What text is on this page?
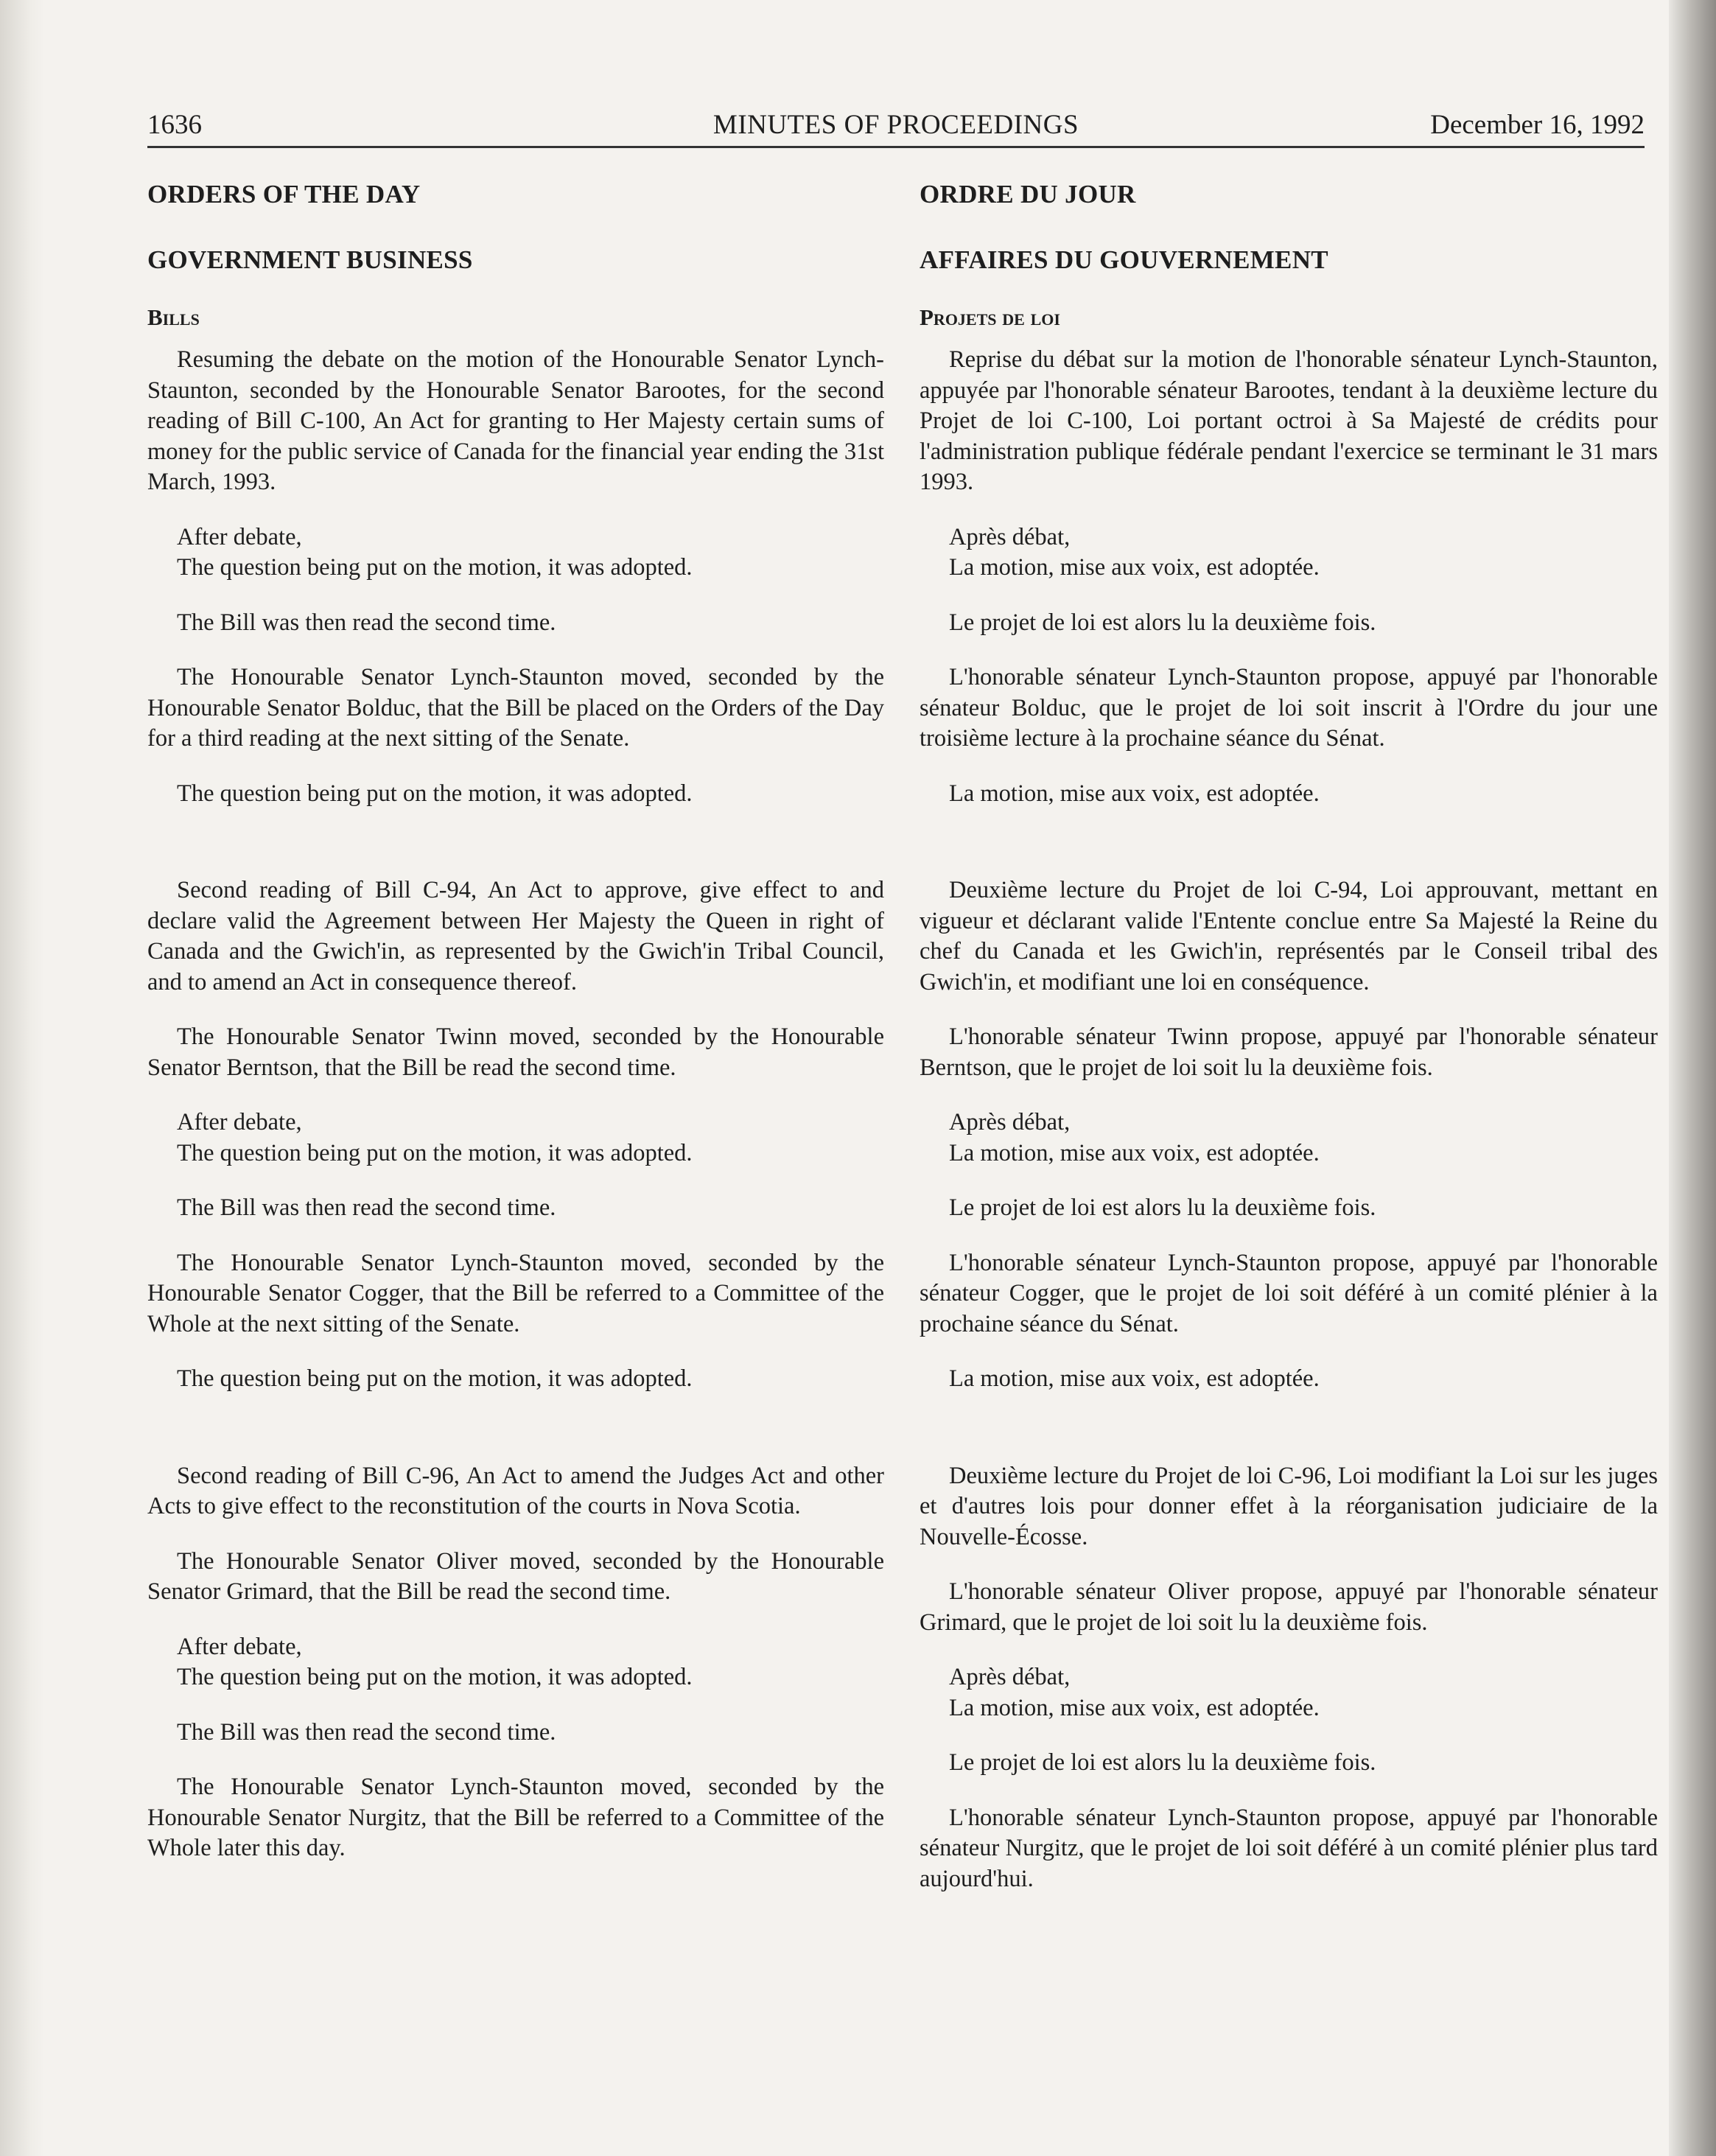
MINUTES OF PROCEEDINGS
1636	December 16, 1992
ORDERS OF THE DAY
GOVERNMENT BUSINESS
Bills

Resuming the debate on the motion of the Honourable Senator Lynch-Staunton, seconded by the Honourable Senator Barootes, for the second reading of Bill C-100, An Act for granting to Her Majesty certain sums of money for the public service of Canada for the financial year ending the 31st March, 1993.

After debate,

The question being put on the motion, it was adopted.

The Bill was then read the second time.

The Honourable Senator Lynch-Staunton moved, seconded by the Honourable Senator Bolduc, that the Bill be placed on the Orders of the Day for a third reading at the next sitting of the Senate.

The question being put on the motion, it was adopted.

Second reading of Bill C-94, An Act to approve, give effect to and declare valid the Agreement between Her Majesty the Queen in right of Canada and the Gwich'in, as represented by the Gwich'in Tribal Council, and to amend an Act in consequence thereof.

The Honourable Senator Twinn moved, seconded by the Honourable Senator Berntson, that the Bill be read the second time.

After debate,

The question being put on the motion, it was adopted.

The Bill was then read the second time.

The Honourable Senator Lynch-Staunton moved, seconded by the Honourable Senator Cogger, that the Bill be referred to a Committee of the Whole at the next sitting of the Senate.

The question being put on the motion, it was adopted.

Second reading of Bill C-96, An Act to amend the Judges Act and other Acts to give effect to the reconstitution of the courts in Nova Scotia.

The Honourable Senator Oliver moved, seconded by the Honourable Senator Grimard, that the Bill be read the second time.

After debate,

The question being put on the motion, it was adopted.

The Bill was then read the second time.

The Honourable Senator Lynch-Staunton moved, seconded by the Honourable Senator Nurgitz, that the Bill be referred to a Committee of the Whole later this day.

ORDRE DU JOUR
AFFAIRES DU GOUVERNEMENT
Projets de loi

Reprise du débat sur la motion de l'honorable sénateur Lynch-Staunton, appuyée par l'honorable sénateur Barootes, tendant à la deuxième lecture du Projet de loi C-100, Loi portant octroi à Sa Majesté de crédits pour l'administration publique fédérale pendant l'exercice se terminant le 31 mars 1993.

Après débat,

La motion, mise aux voix, est adoptée.

Le projet de loi est alors lu la deuxième fois.

L'honorable sénateur Lynch-Staunton propose, appuyé par l'honorable sénateur Bolduc, que le projet de loi soit inscrit à l'Ordre du jour une troisième lecture à la prochaine séance du Sénat.

La motion, mise aux voix, est adoptée.

Deuxième lecture du Projet de loi C-94, Loi approuvant, mettant en vigueur et déclarant valide l'Entente conclue entre Sa Majesté la Reine du chef du Canada et les Gwich'in, représentés par le Conseil tribal des Gwich'in, et modifiant une loi en conséquence.

L'honorable sénateur Twinn propose, appuyé par l'honorable sénateur Berntson, que le projet de loi soit lu la deuxième fois.

Après débat,

La motion, mise aux voix, est adoptée.

Le projet de loi est alors lu la deuxième fois.

L'honorable sénateur Lynch-Staunton propose, appuyé par l'honorable sénateur Cogger, que le projet de loi soit déféré à un comité plénier à la prochaine séance du Sénat.

La motion, mise aux voix, est adoptée.

Deuxième lecture du Projet de loi C-96, Loi modifiant la Loi sur les juges et d'autres lois pour donner effet à la réorganisation judiciaire de la Nouvelle-Écosse.

L'honorable sénateur Oliver propose, appuyé par l'honorable sénateur Grimard, que le projet de loi soit lu la deuxième fois.

Après débat,

La motion, mise aux voix, est adoptée.

Le projet de loi est alors lu la deuxième fois.

L'honorable sénateur Lynch-Staunton propose, appuyé par l'honorable sénateur Nurgitz, que le projet de loi soit déféré à un comité plénier plus tard aujourd'hui.
